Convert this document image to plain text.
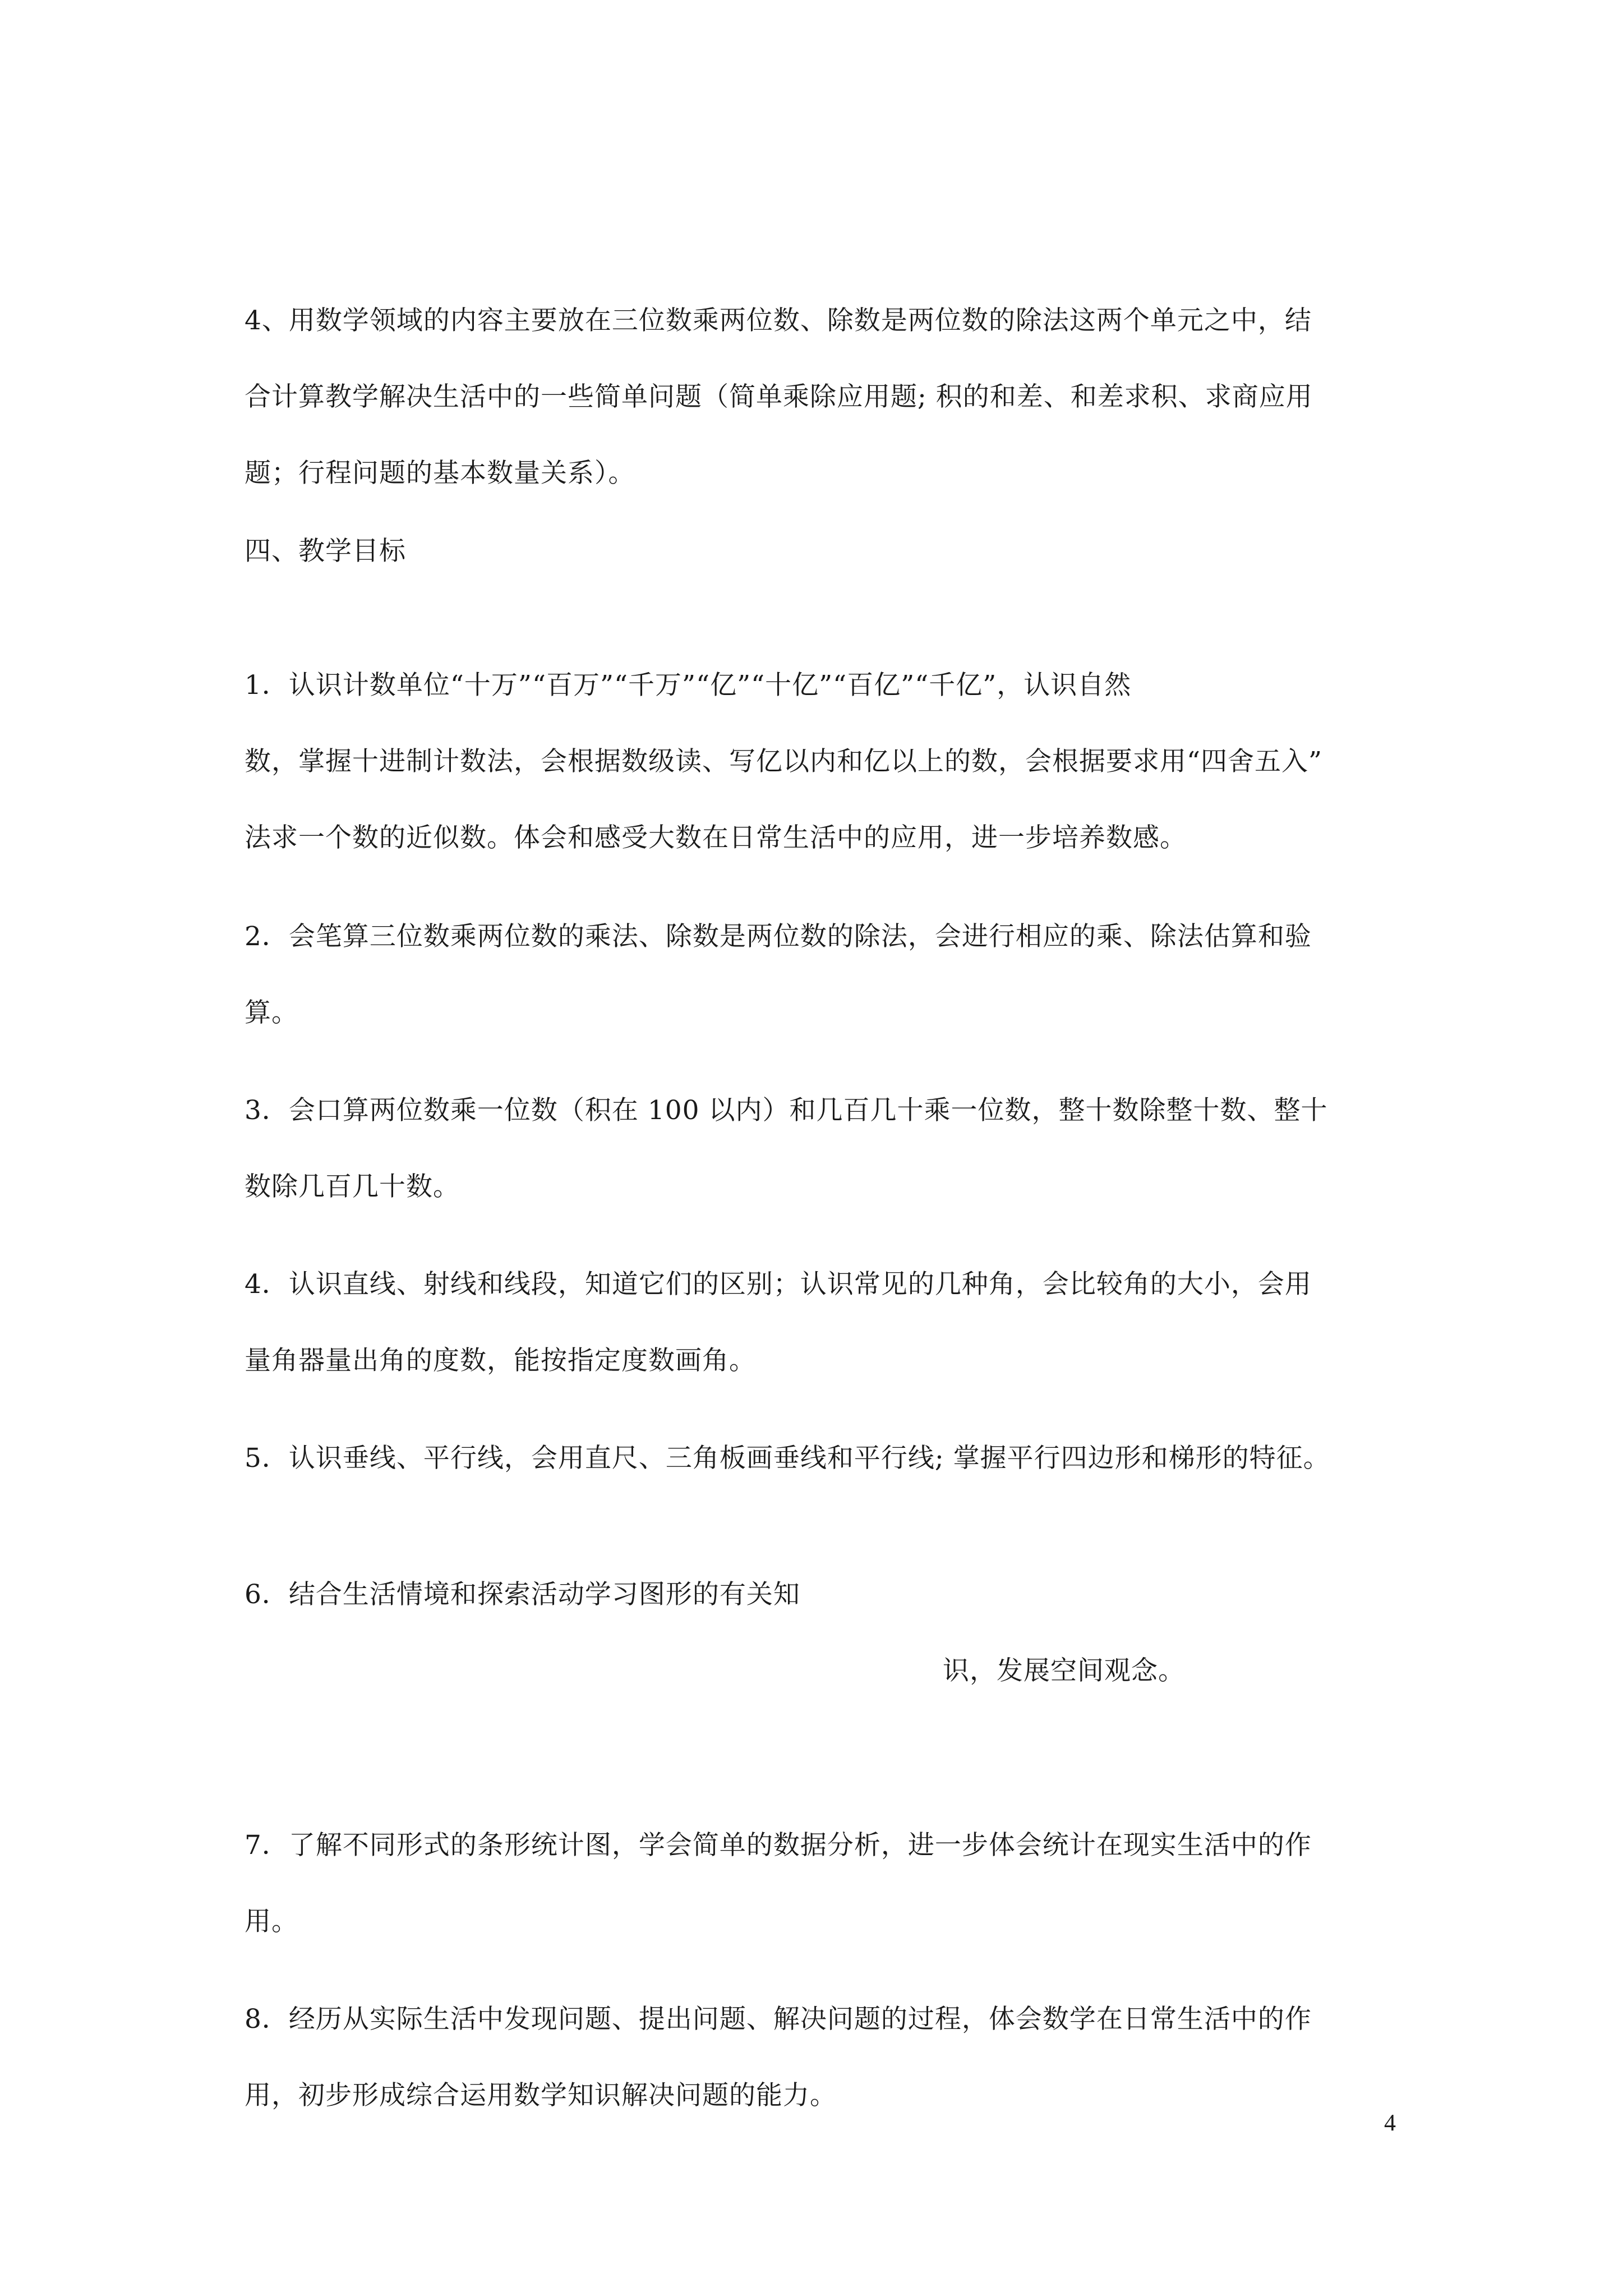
4、用数学领域的内容主要放在三位数乘两位数、除数是两位数的除法这两个单元之中，结
合计算教学解决生活中的一些简单问题（简单乘除应用题; 积的和差、和差求积、求商应用
题；行程问题的基本数量关系）。
四、教学目标
1．认识计数单位“十万”“百万”“千万”“亿”“十亿”“百亿”“千亿”，认识自然
数，掌握十进制计数法，会根据数级读、写亿以内和亿以上的数，会根据要求用“四舍五入”
法求一个数的近似数。体会和感受大数在日常生活中的应用，进一步培养数感。
2．会笔算三位数乘两位数的乘法、除数是两位数的除法，会进行相应的乘、除法估算和验
算。
3．会口算两位数乘一位数（积在 100 以内）和几百几十乘一位数，整十数除整十数、整十
数除几百几十数。
4．认识直线、射线和线段，知道它们的区别；认识常见的几种角，会比较角的大小，会用
量角器量出角的度数，能按指定度数画角。
5．认识垂线、平行线，会用直尺、三角板画垂线和平行线; 掌握平行四边形和梯形的特征。
6．结合生活情境和探索活动学习图形的有关知
识，发展空间观念。
7．了解不同形式的条形统计图，学会简单的数据分析，进一步体会统计在现实生活中的作
用。
8．经历从实际生活中发现问题、提出问题、解决问题的过程，体会数学在日常生活中的作
用，初步形成综合运用数学知识解决问题的能力。
4
